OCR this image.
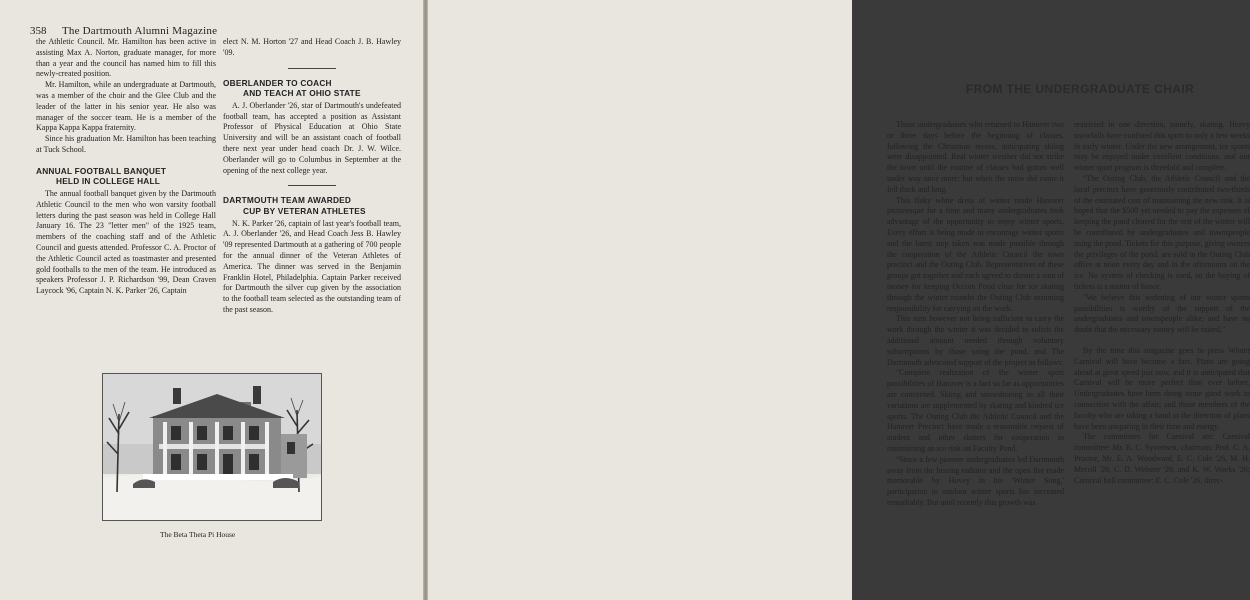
358 The Dartmouth Alumni Magazine

the Athletic Council. Mr. Hamilton has been active in assisting Max A. Norton, graduate manager, for more than a year and the council has named him to fill this newly-created position.

Mr. Hamilton, while an undergraduate at Dartmouth, was a member of the choir and the Glee Club and the leader of the latter in his senior year. He also was manager of the soccer team. He is a member of the Kappa Kappa Kappa fraternity.

Since his graduation Mr. Hamilton has been teaching at Tuck School.

ANNUAL FOOTBALL BANQUET
HELD IN COLLEGE HALL

The annual football banquet given by the Dartmouth Athletic Council to the men who won varsity football letters during the past season was held in College Hall January 16. The 23 "letter men" of the 1925 team, members of the coaching staff and of the Athletic Council and guests attended. Professor C. A. Proctor of the Athletic Council acted as toastmaster and presented gold footballs to the men of the team. He introduced as speakers Professor J. P. Richardson '99, Dean Craven Laycock '96, Captain N. K. Parker '26, Captain

elect N. M. Horton '27 and Head Coach J. B. Hawley '09.

OBERLANDER TO COACH
AND TEACH AT OHIO STATE

A. J. Oberlander '26, star of Dartmouth's undefeated football team, has accepted a position as Assistant Professor of Physical Education at Ohio State University and will be an assistant coach of football there next year under head coach Dr. J. W. Wilce. Oberlander will go to Columbus in September at the opening of the next college year.

DARTMOUTH TEAM AWARDED
CUP BY VETERAN ATHLETES

N. K. Parker '26, captain of last year's football team, A. J. Oberlander '26, and Head Coach Jess B. Hawley '09 represented Dartmouth at a gathering of 700 people for the annual dinner of the Veteran Athletes of America. The dinner was served in the Benjamin Franklin Hotel, Philadelphia. Captain Parker received for Dartmouth the silver cup given by the association to the football team selected as the outstanding team of the past season.

The Beta Theta Pi House
FROM THE UNDERGRADUATE CHAIR

Those undergraduates who returned to Hanover two or three days before the beginning of classes, following the Christmas recess, anticipating skiing were disappointed. Real winter weather did not strike the town until the routine of classes had gotten well under way once more; but when the snow did come it fell thick and long.

This flaky white dress of winter made Hanover picturesque for a time and many undergraduates took advantage of the opportunity to enjoy winter sports. Every effort is being made to encourage winter sports and the latest step taken was made possible through the cooperation of the Athletic Council the town precinct and the Outing Club. Representatives of these groups got together and each agreed to donate a sum of money for keeping Occom Pond clear for ice skating through the winter months the Outing Club assuming responsibility for carrying on the work.

This sum however not being sufficient to carry the work through the winter it was decided to solicit the additional amount needed through voluntary subscriptions by those using the pond, and The Dartmouth advocated support of the project as follows:

"Complete realization of the winter sport possibilities of Hanover is a fact so far as opportunities are concerned. Skiing and snowshoeing in all their variations are supplemented by skating and kindred ice sports. The Outing Club the Athletic Council and the Hanover Precinct have made a reasonable request of student and other skaters for cooperation in maintaining an ice rink on Faculty Pond.

"Since a few pioneer undergraduates led Dartmouth away from the hissing radiator and the open fire made memorable by Hovey in his 'Winter Song,' participation in outdoor winter sports has increased remarkably. But until recently this growth was

restricted in one direction, namely, skating. Heavy snowfalls have confined this sport to only a few weeks in early winter. Under the new arrangement, ice sports may be enjoyed under excellent conditions, and our winter sport program is threefold and complete.

"The Outing Club, the Athletic Council and the local precinct have generously contributed two-thirds of the estimated cost of maintaining the new rink. It is hoped that the $500 yet needed to pay the expenses of keeping the pond cleared for the rest of the winter will be contributed by undergraduates and townspeople using the pond. Tickets for this purpose, giving owners the privileges of the pond, are sold in the Outing Club office at noon every day and in the afternoons on the ice. No system of checking is used, so the buying of tickets is a matter of honor.

"We believe this widening of our winter sports possibilities is worthy of the support of the undergraduates and townspeople alike; and have no doubt that the necessary money will be raised."

By the time this magazine goes to press Winter Carnival will have become a fact. Plans are going ahead at great speed just now, and it is anticipated that Carnival will be more perfect than ever before. Undergraduates have been doing some good work in connection with the affair; and those members of the faculty who are taking a hand in the direction of plans have been unsparing in their time and energy.

The committees for Carnival are: Carnival committee: Mr. R. C. Syvertsen, chairman; Prof. C. A. Proctor, Mr. E. A. Woodward, E. C. Cole '26, M. H. Merrill '26, C. D. Webster '26, and K. W. Weeks '26; Carnival ball committee: E. C. Cole '26, direc-
